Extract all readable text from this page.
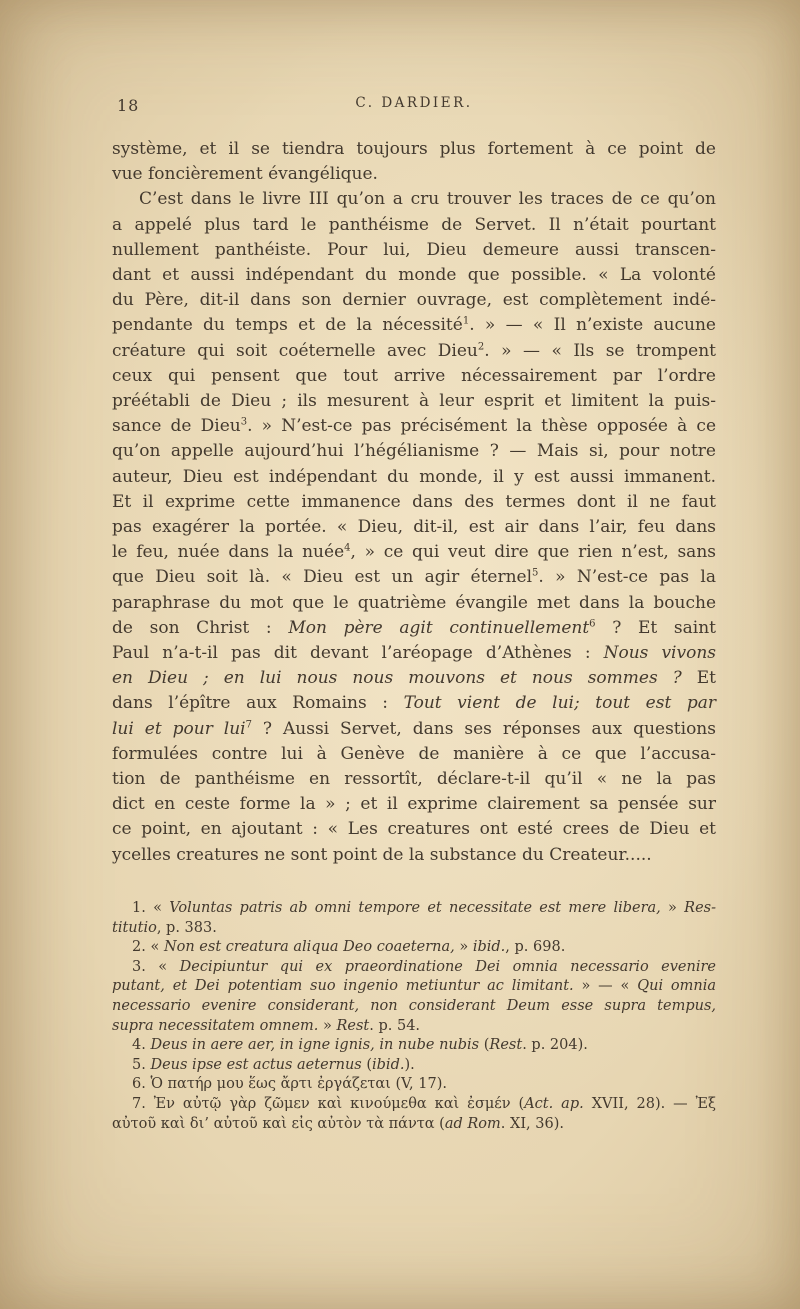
18	C. DARDIER.
système, et il se tiendra toujours plus fortement à ce point de
vue foncièrement évangélique.
C’est dans le livre III qu’on a cru trouver les traces de ce qu’on
a appelé plus tard le panthéisme de Servet. Il n’était pourtant
nullement panthéiste. Pour lui, Dieu demeure aussi transcen-
dant et aussi indépendant du monde que possible. « La volonté
du Père, dit-il dans son dernier ouvrage, est complètement indé-
pendante du temps et de la nécessité$^1$. » — « Il n’existe aucune
créature qui soit coéternelle avec Dieu$^2$. » — « Ils se trompent
ceux qui pensent que tout arrive nécessairement par l’ordre
préétabli de Dieu ; ils mesurent à leur esprit et limitent la puis-
sance de Dieu$^3$. » N’est-ce pas précisément la thèse opposée à ce
qu’on appelle aujourd’hui l’hégélianisme ? — Mais si, pour notre
auteur, Dieu est indépendant du monde, il y est aussi immanent.
Et il exprime cette immanence dans des termes dont il ne faut
pas exagérer la portée. « Dieu, dit-il, est air dans l’air, feu dans
le feu, nuée dans la nuée$^4$, » ce qui veut dire que rien n’est, sans
que Dieu soit là. « Dieu est un agir éternel$^5$. » N’est-ce pas la
paraphrase du mot que le quatrième évangile met dans la bouche
de son Christ : Mon père agit continuellement$^6$ ? Et saint
Paul n’a-t-il pas dit devant l’aréopage d’Athènes : Nous vivons
en Dieu ; en lui nous nous mouvons et nous sommes ? Et
dans l’épître aux Romains : Tout vient de lui; tout est par
lui et pour lui$^7$ ? Aussi Servet, dans ses réponses aux questions
formulées contre lui à Genève de manière à ce que l’accusa-
tion de panthéisme en ressortît, déclare-t-il qu’il « ne la pas
dict en ceste forme la » ; et il exprime clairement sa pensée sur
ce point, en ajoutant : « Les creatures ont esté crees de Dieu et
ycelles creatures ne sont point de la substance du Createur.....
1. « Voluntas patris ab omni tempore et necessitate est mere libera, » Res-
titutio, p. 383.
2. « Non est creatura aliqua Deo coaeterna, » ibid., p. 698.
3. « Decipiuntur qui ex praeordinatione Dei omnia necessario evenire
putant, et Dei potentiam suo ingenio metiuntur ac limitant. » — « Qui omnia
necessario evenire considerant, non considerant Deum esse supra tempus,
supra necessitatem omnem. » Rest. p. 54.
4. Deus in aere aer, in igne ignis, in nube nubis (Rest. p. 204).
5. Deus ipse est actus aeternus (ibid.).
6. Ὁ πατήρ μου ἕως ἄρτι ἐργάζεται (V, 17).
7. Ἐν αὐτῷ γὰρ ζῶμεν καὶ κινούμεθα καὶ ἐσμέν (Act. ap. XVII, 28). — Ἐξ
αὐτοῦ καὶ δι’ αὐτοῦ καὶ εἰς αὐτὸν τὰ πάντα (ad Rom. XI, 36).
